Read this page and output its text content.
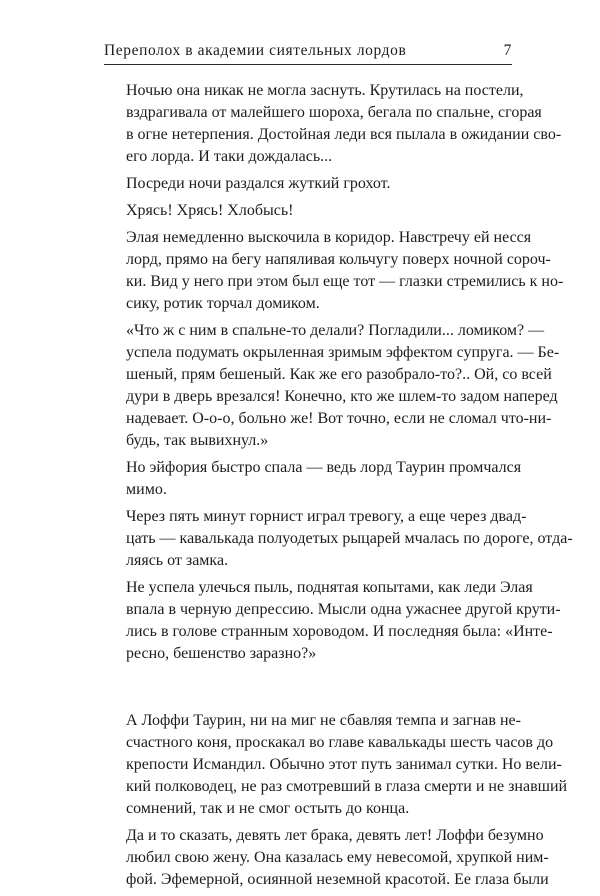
Переполох в академии сиятельных лордов	7
Ночью она никак не могла заснуть. Крутилась на постели,
вздрагивала от малейшего шороха, бегала по спальне, сгорая
в огне нетерпения. Достойная леди вся пылала в ожидании сво-
его лорда. И таки дождалась...
Посреди ночи раздался жуткий грохот.
Хрясь! Хрясь! Хлобысь!
Элая немедленно выскочила в коридор. Навстречу ей несся
лорд, прямо на бегу напяливая кольчугу поверх ночной сороч-
ки. Вид у него при этом был еще тот — глазки стремились к но-
сику, ротик торчал домиком.
«Что ж с ним в спальне-то делали? Погладили... ломиком? —
успела подумать окрыленная зримым эффектом супруга. — Бе-
шеный, прям бешеный. Как же его разобрало-то?.. Ой, со всей
дури в дверь врезался! Конечно, кто же шлем-то задом наперед
надевает. О-о-о, больно же! Вот точно, если не сломал что-ни-
будь, так вывихнул.»
Но эйфория быстро спала — ведь лорд Таурин промчался
мимо.
Через пять минут горнист играл тревогу, а еще через двад-
цать — кавалькада полуодетых рыцарей мчалась по дороге, отда-
ляясь от замка.
Не успела улечься пыль, поднятая копытами, как леди Элая
впала в черную депрессию. Мысли одна ужаснее другой крути-
лись в голове странным хороводом. И последняя была: «Инте-
ресно, бешенство заразно?»
А Лоффи Таурин, ни на миг не сбавляя темпа и загнав не-
счастного коня, проскакал во главе кавалькады шесть часов до
крепости Исмандил. Обычно этот путь занимал сутки. Но вели-
кий полководец, не раз смотревший в глаза смерти и не знавший
сомнений, так и не смог остыть до конца.
Да и то сказать, девять лет брака, девять лет! Лоффи безумно
любил свою жену. Она казалась ему невесомой, хрупкой ним-
фой. Эфемерной, осиянной неземной красотой. Ее глаза были
